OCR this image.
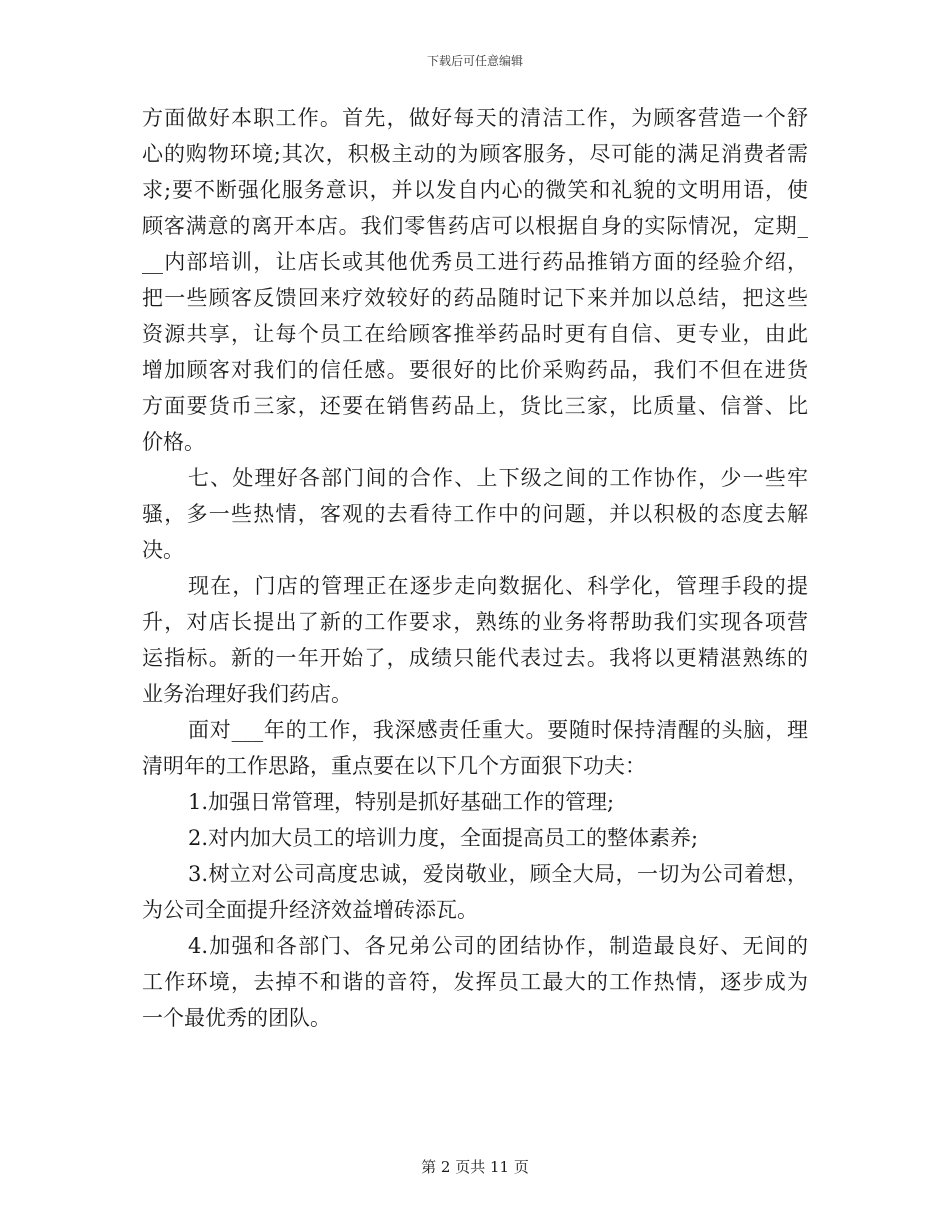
下载后可任意编辑
方面做好本职工作。首先，做好每天的清洁工作，为顾客营造一个舒
心的购物环境;其次，积极主动的为顾客服务，尽可能的满足消费者需
求;要不断强化服务意识，并以发自内心的微笑和礼貌的文明用语，使
顾客满意的离开本店。我们零售药店可以根据自身的实际情况，定期_
__内部培训，让店长或其他优秀员工进行药品推销方面的经验介绍，
把一些顾客反馈回来疗效较好的药品随时记下来并加以总结，把这些
资源共享，让每个员工在给顾客推举药品时更有自信、更专业，由此
增加顾客对我们的信任感。要很好的比价采购药品，我们不但在进货
方面要货币三家，还要在销售药品上，货比三家，比质量、信誉、比
价格。
七、处理好各部门间的合作、上下级之间的工作协作，少一些牢
骚，多一些热情，客观的去看待工作中的问题，并以积极的态度去解
决。
现在，门店的管理正在逐步走向数据化、科学化，管理手段的提
升，对店长提出了新的工作要求，熟练的业务将帮助我们实现各项营
运指标。新的一年开始了，成绩只能代表过去。我将以更精湛熟练的
业务治理好我们药店。
面对___年的工作，我深感责任重大。要随时保持清醒的头脑，理
清明年的工作思路，重点要在以下几个方面狠下功夫：
1.加强日常管理，特别是抓好基础工作的管理;
2.对内加大员工的培训力度，全面提高员工的整体素养;
3.树立对公司高度忠诚，爱岗敬业，顾全大局，一切为公司着想，
为公司全面提升经济效益增砖添瓦。
4.加强和各部门、各兄弟公司的团结协作，制造最良好、无间的
工作环境，去掉不和谐的音符，发挥员工最大的工作热情，逐步成为
一个最优秀的团队。
第 2 页共 11 页
